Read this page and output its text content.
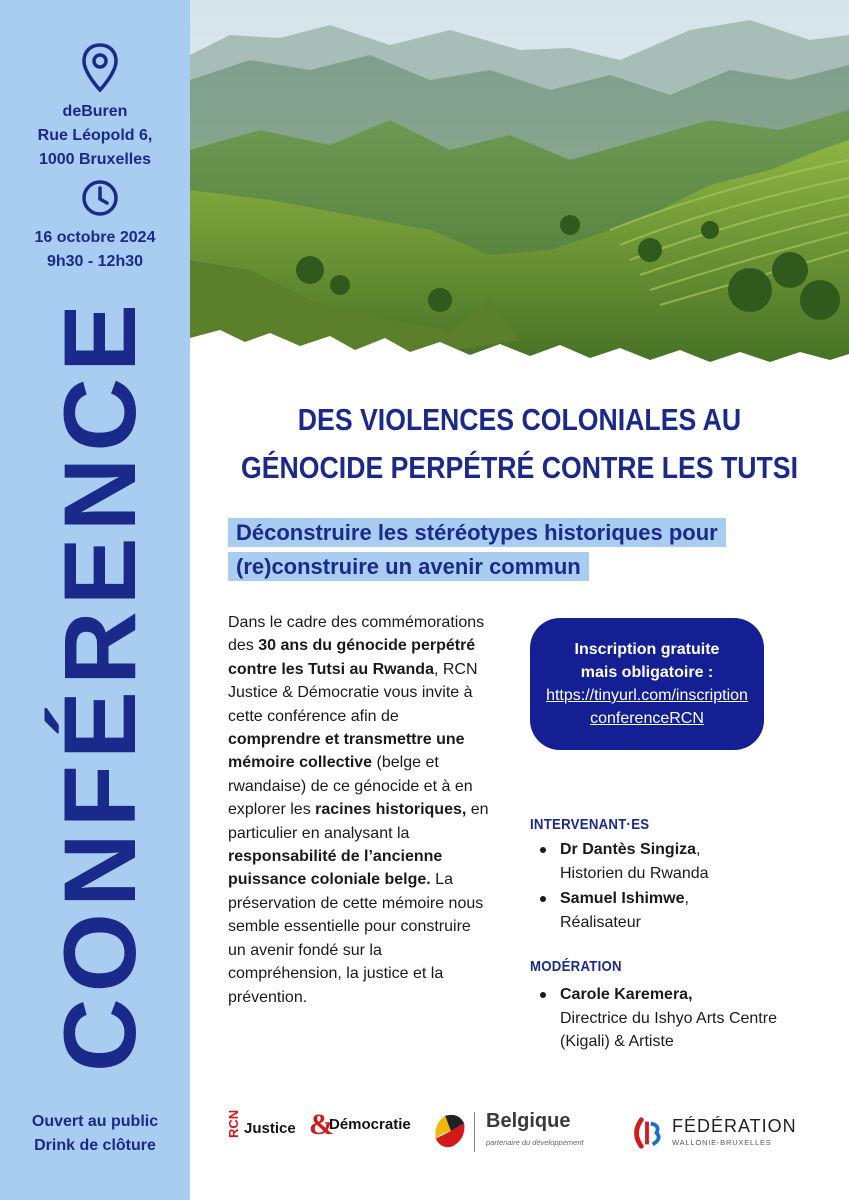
deBuren
Rue Léopold 6,
1000 Bruxelles
16 octobre 2024
9h30 - 12h30
CONFÉRENCE
Ouvert au public
Drink de clôture
DES VIOLENCES COLONIALES AU
GÉNOCIDE PERPÉTRÉ CONTRE LES TUTSI
Déconstruire les stéréotypes historiques pour
(re)construire un avenir commun
Dans le cadre des commémorations des 30 ans du génocide perpétré contre les Tutsi au Rwanda, RCN Justice & Démocratie vous invite à cette conférence afin de comprendre et transmettre une mémoire collective (belge et rwandaise) de ce génocide et à en explorer les racines historiques, en particulier en analysant la responsabilité de l’ancienne puissance coloniale belge. La préservation de cette mémoire nous semble essentielle pour construire un avenir fondé sur la compréhension, la justice et la prévention.
Inscription gratuite
mais obligatoire :
https://tinyurl.com/inscriptionconferenceRCN
INTERVENANT·ES
Dr Dantès Singiza,
Historien du Rwanda
Samuel Ishimwe,
Réalisateur
MODÉRATION
Carole Karemera,
Directrice du Ishyo Arts Centre (Kigali) & Artiste
RCN Justice &
Démocratie	Belgique
partenaire du développement
FÉDÉRATION
WALLONIE-BRUXELLES
